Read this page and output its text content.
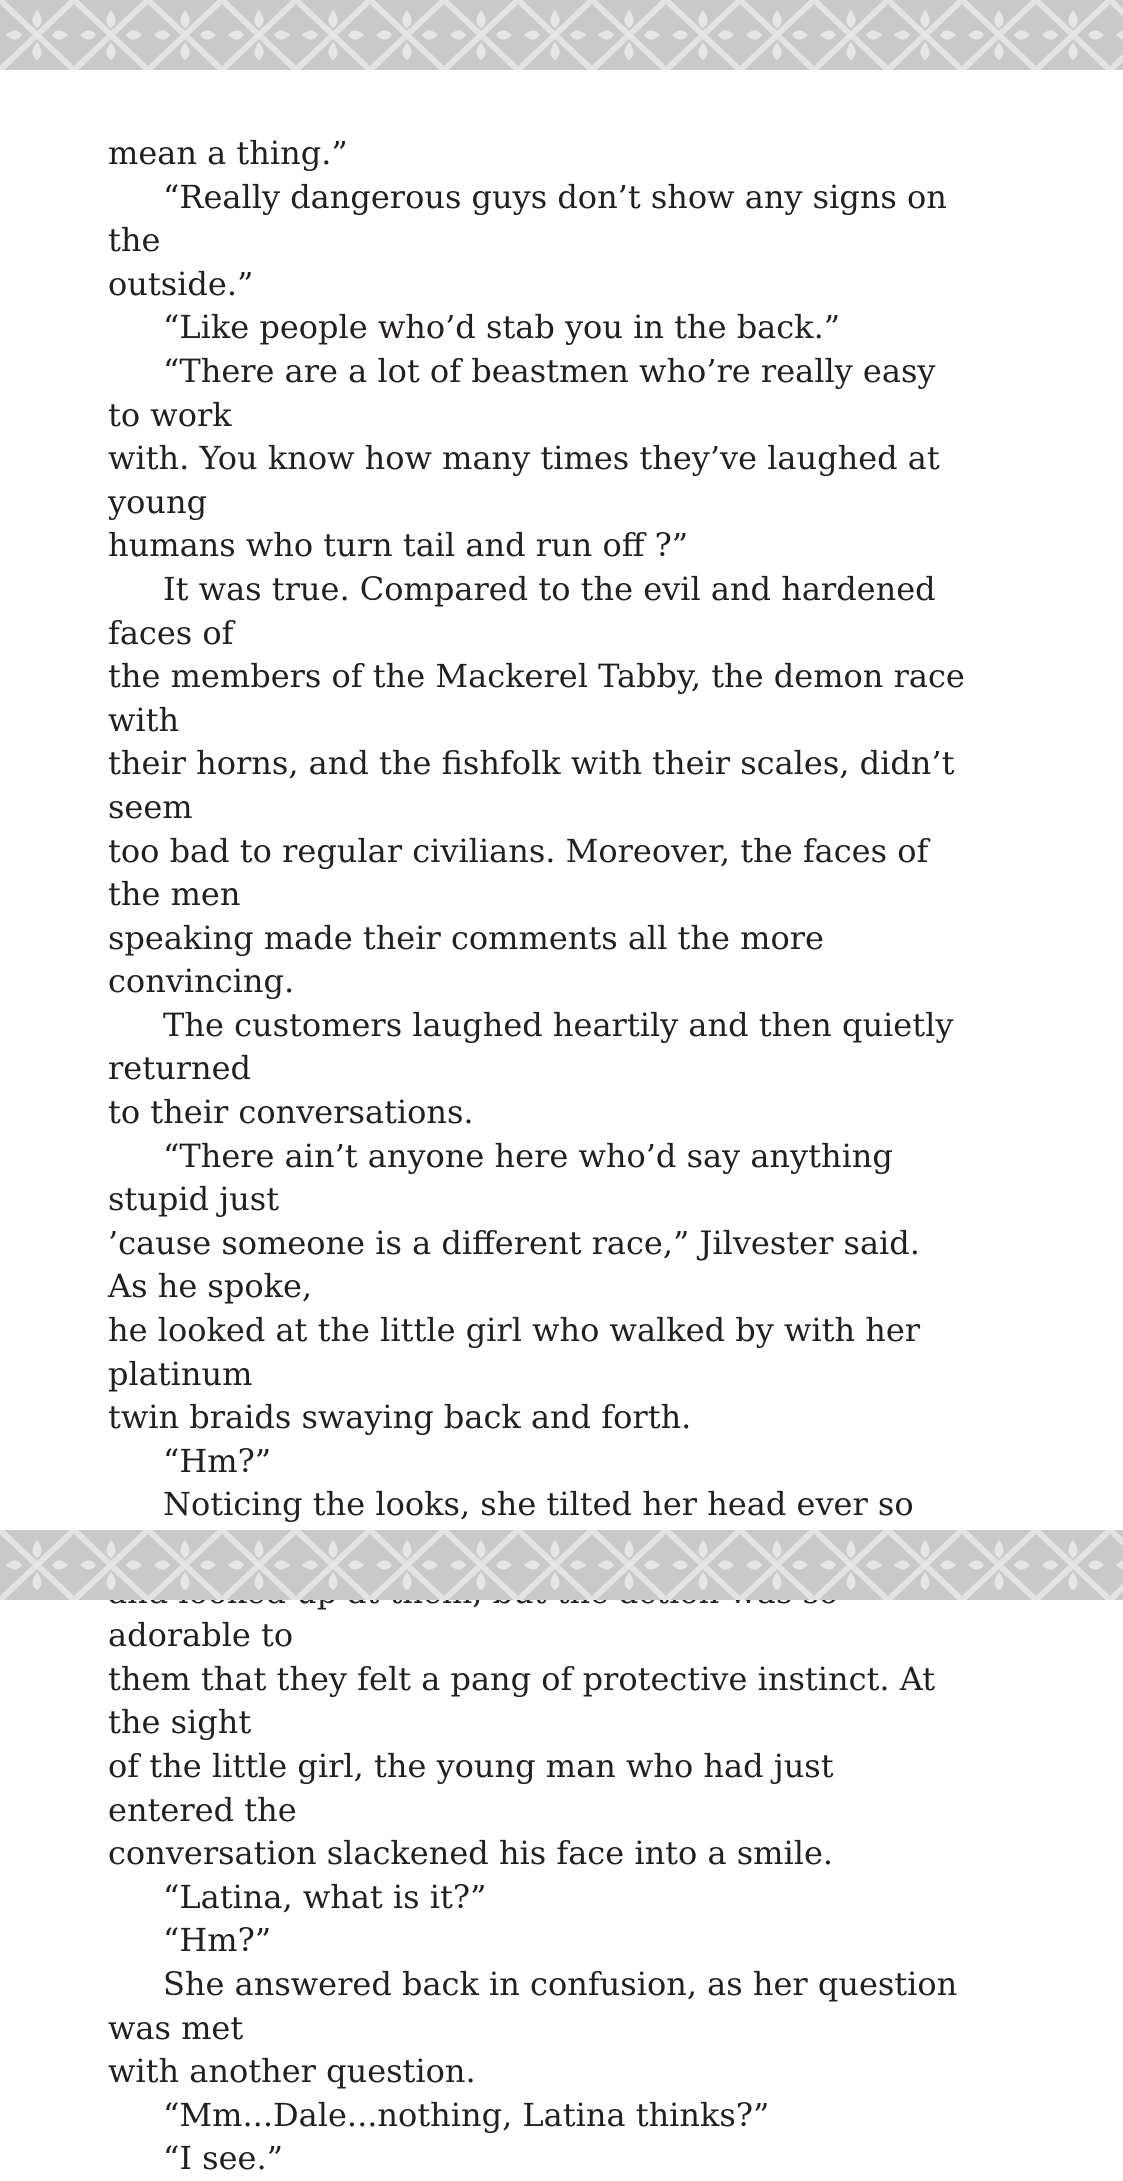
mean a thing.”

“Really dangerous guys don’t show any signs on the
outside.”

“Like people who’d stab you in the back.”

“There are a lot of beastmen who’re really easy to work
with. You know how many times they’ve laughed at young
humans who turn tail and run off ?”

It was true. Compared to the evil and hardened faces of
the members of the Mackerel Tabby, the demon race with
their horns, and the fishfolk with their scales, didn’t seem
too bad to regular civilians. Moreover, the faces of the men
speaking made their comments all the more convincing.

The customers laughed heartily and then quietly returned
to their conversations.

“There ain’t anyone here who’d say anything stupid just
’cause someone is a different race,” Jilvester said. As he spoke,
he looked at the little girl who walked by with her platinum
twin braids swaying back and forth.

“Hm?”

Noticing the looks, she tilted her head ever so
adorable to
them that they felt a pang of protective instinct. At the sight
of the little girl, the young man who had just entered the
conversation slackened his face into a smile.

“Latina, what is it?”

“Hm?”

She answered back in confusion, as her question was met
with another question.

“Mm...Dale...nothing, Latina thinks?”

“I see.”
